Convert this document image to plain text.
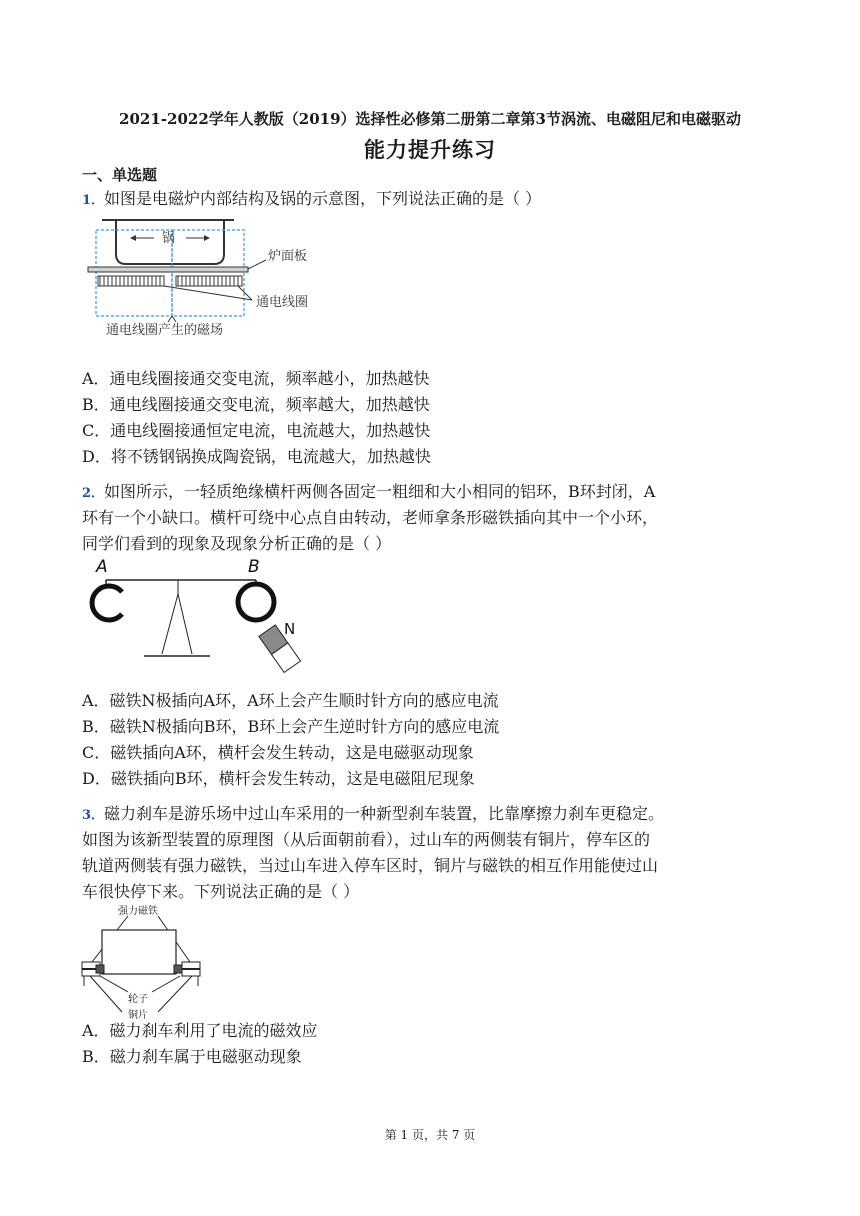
2021-2022学年人教版（2019）选择性必修第二册第二章第3节涡流、电磁阻尼和电磁驱动
能力提升练习
一、单选题
1．如图是电磁炉内部结构及锅的示意图，下列说法正确的是（ ）
锅
炉面板
通电线圈
通电线圈产生的磁场
A．通电线圈接通交变电流，频率越小，加热越快
B．通电线圈接通交变电流，频率越大，加热越快
C．通电线圈接通恒定电流，电流越大，加热越快
D．将不锈钢锅换成陶瓷锅，电流越大，加热越快
2．如图所示，一轻质绝缘横杆两侧各固定一粗细和大小相同的铝环，B环封闭，A
环有一个小缺口。横杆可绕中心点自由转动，老师拿条形磁铁插向其中一个小环，
同学们看到的现象及现象分析正确的是（ ）
A	B
N
A．磁铁N极插向A环，A环上会产生顺时针方向的感应电流
B．磁铁N极插向B环，B环上会产生逆时针方向的感应电流
C．磁铁插向A环，横杆会发生转动，这是电磁驱动现象
D．磁铁插向B环，横杆会发生转动，这是电磁阻尼现象
3．磁力刹车是游乐场中过山车采用的一种新型刹车装置，比靠摩擦力刹车更稳定。
如图为该新型装置的原理图（从后面朝前看），过山车的两侧装有铜片，停车区的
轨道两侧装有强力磁铁，当过山车进入停车区时，铜片与磁铁的相互作用能使过山
车很快停下来。下列说法正确的是（ ）
强力磁铁
轮子
铜片
A．磁力刹车利用了电流的磁效应
B．磁力刹车属于电磁驱动现象
第 1 页，共 7 页
